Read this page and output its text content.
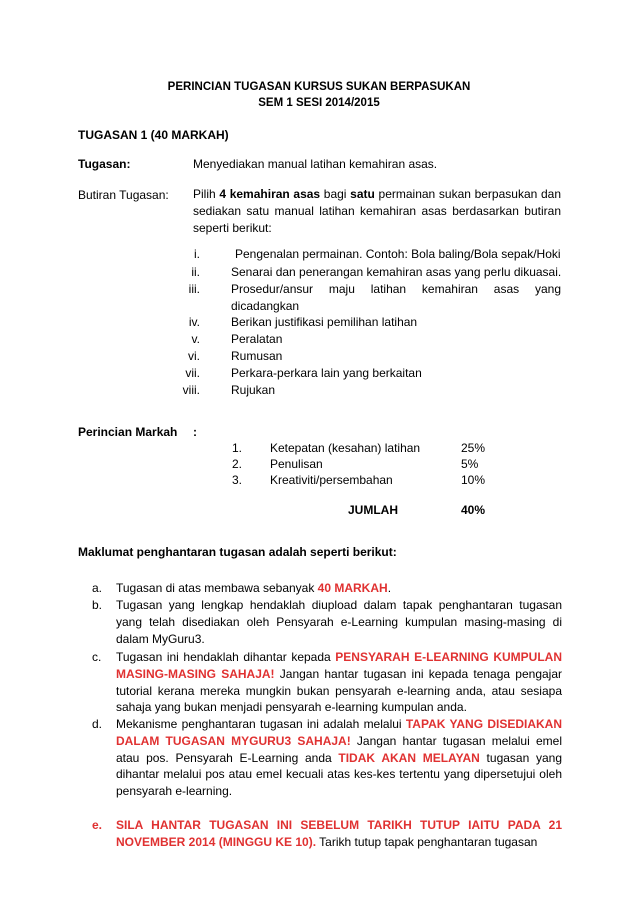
PERINCIAN TUGASAN KURSUS SUKAN BERPASUKAN
SEM 1 SESI 2014/2015
TUGASAN 1 (40 MARKAH)
Tugasan:	Menyediakan manual latihan kemahiran asas.
Butiran Tugasan: Pilih 4 kemahiran asas bagi satu permainan sukan berpasukan dan sediakan satu manual latihan kemahiran asas berdasarkan butiran seperti berikut:
i.	Pengenalan permainan. Contoh: Bola baling/Bola sepak/Hoki
ii.	Senarai dan penerangan kemahiran asas yang perlu dikuasai.
iii.	Prosedur/ansur maju latihan kemahiran asas yang dicadangkan
iv.	Berikan justifikasi pemilihan latihan
v.	Peralatan
vi.	Rumusan
vii.	Perkara-perkara lain yang berkaitan
viii.	Rujukan
Perincian Markah :
1. Ketepatan (kesahan) latihan	25%
2. Penulisan	5%
3. Kreativiti/persembahan	10%
JUMLAH	40%
Maklumat penghantaran tugasan adalah seperti berikut:
a.	Tugasan di atas membawa sebanyak 40 MARKAH.
b.	Tugasan yang lengkap hendaklah diupload dalam tapak penghantaran tugasan yang telah disediakan oleh Pensyarah e-Learning kumpulan masing-masing di dalam MyGuru3.
c.	Tugasan ini hendaklah dihantar kepada PENSYARAH E-LEARNING KUMPULAN MASING-MASING SAHAJA! Jangan hantar tugasan ini kepada tenaga pengajar tutorial kerana mereka mungkin bukan pensyarah e-learning anda, atau sesiapa sahaja yang bukan menjadi pensyarah e-learning kumpulan anda.
d.	Mekanisme penghantaran tugasan ini adalah melalui TAPAK YANG DISEDIAKAN DALAM TUGASAN MYGURU3 SAHAJA! Jangan hantar tugasan melalui emel atau pos. Pensyarah E-Learning anda TIDAK AKAN MELAYAN tugasan yang dihantar melalui pos atau emel kecuali atas kes-kes tertentu yang dipersetujui oleh pensyarah e-learning.
e.	SILA HANTAR TUGASAN INI SEBELUM TARIKH TUTUP IAITU PADA 21 NOVEMBER 2014 (MINGGU KE 10). Tarikh tutup tapak penghantaran tugasan
